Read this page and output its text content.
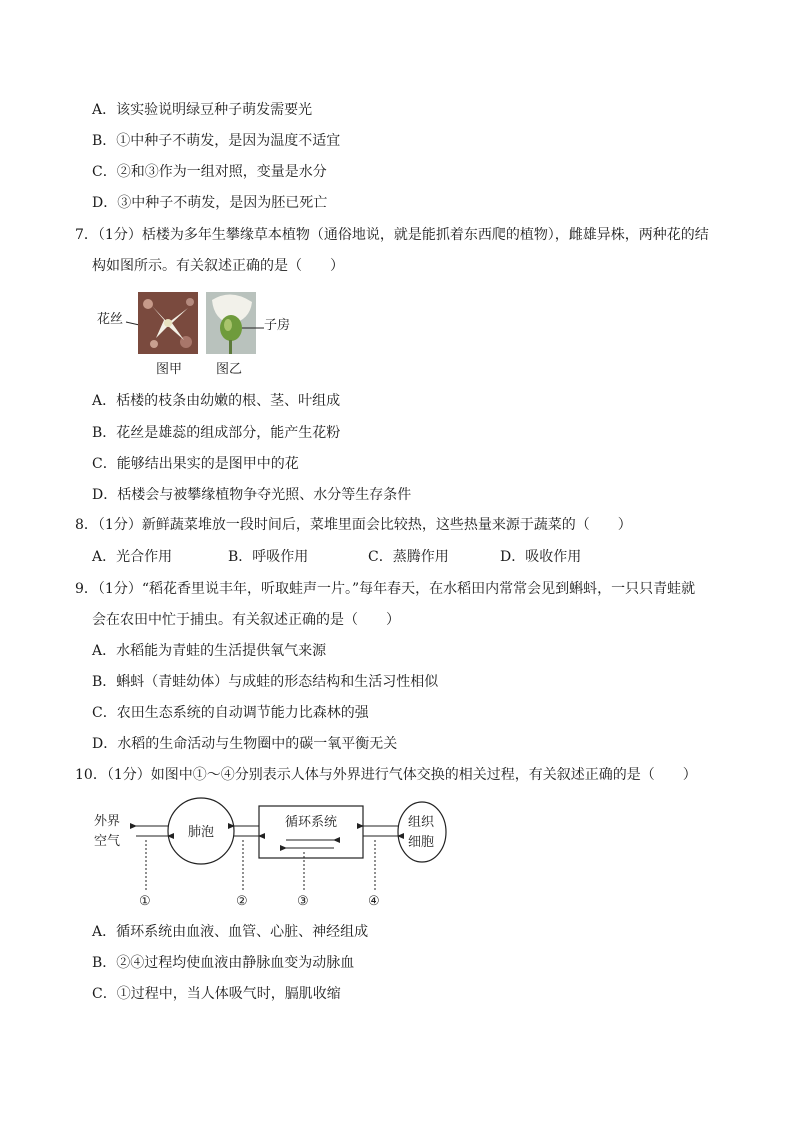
A．该实验说明绿豆种子萌发需要光
B．①中种子不萌发，是因为温度不适宜
C．②和③作为一组对照，变量是水分
D．③中种子不萌发，是因为胚已死亡
7．（1分）栝楼为多年生攀缘草本植物（通俗地说，就是能抓着东西爬的植物），雌雄异株，两种花的结
构如图所示。有关叙述正确的是（　　）
花丝	子房
图甲	图乙
A．栝楼的枝条由幼嫩的根、茎、叶组成
B．花丝是雄蕊的组成部分，能产生花粉
C．能够结出果实的是图甲中的花
D．栝楼会与被攀缘植物争夺光照、水分等生存条件
8．（1分）新鲜蔬菜堆放一段时间后，菜堆里面会比较热，这些热量来源于蔬菜的（　　）
A．光合作用	B．呼吸作用	C．蒸腾作用	D．吸收作用
9．（1分）“稻花香里说丰年，听取蛙声一片。”每年春天，在水稻田内常常会见到蝌蚪，一只只青蛙就
会在农田中忙于捕虫。有关叙述正确的是（　　）
A．水稻能为青蛙的生活提供氧气来源
B．蝌蚪（青蛙幼体）与成蛙的形态结构和生活习性相似
C．农田生态系统的自动调节能力比森林的强
D．水稻的生命活动与生物圈中的碳一氧平衡无关
10．（1分）如图中①～④分别表示人体与外界进行气体交换的相关过程，有关叙述正确的是（　　）
外界
空气
肺泡
循环系统	组织
细胞
①	②	③	④
A．循环系统由血液、血管、心脏、神经组成
B．②④过程均使血液由静脉血变为动脉血
C．①过程中，当人体吸气时，膈肌收缩
